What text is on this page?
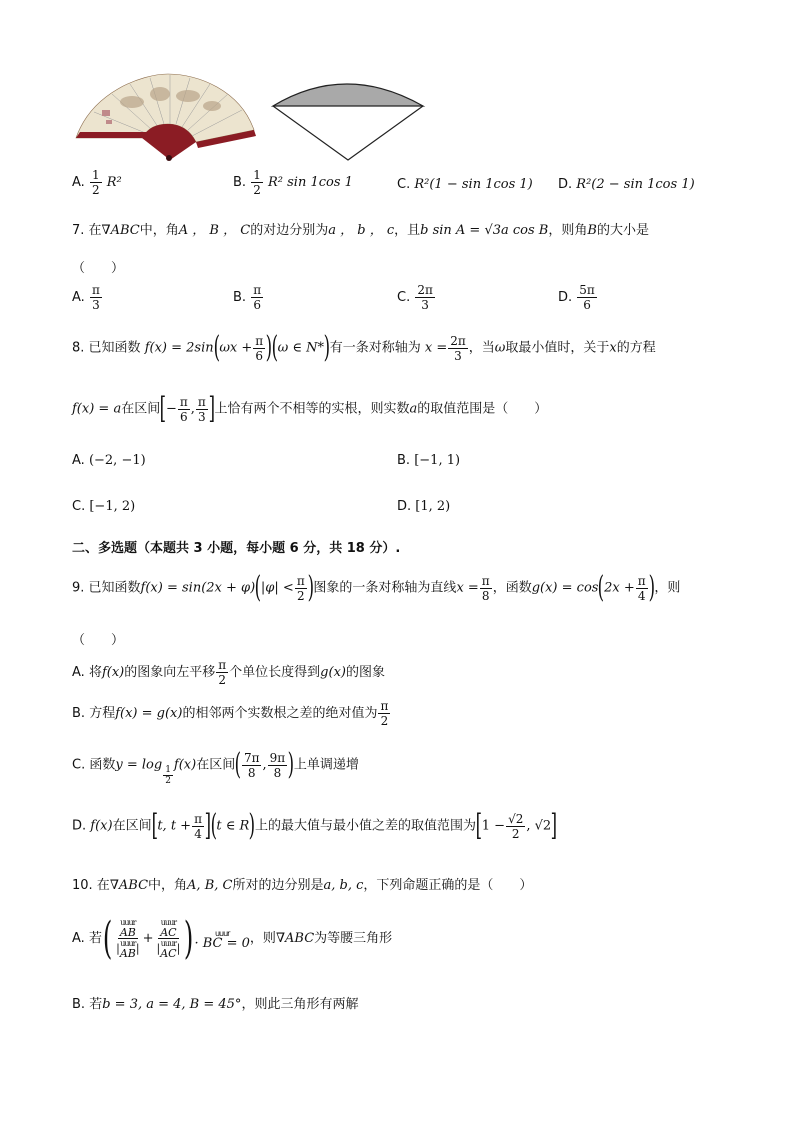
A. $\frac{1}{2} R^2$	B. $\frac{1}{2} R^2$ sin 1cos 1	C. R²(1 − sin 1cos 1) D. R²(2 − sin 1cos 1)
7. 在∇ABC中，角A ， B ， C的对边分别为a ， b ， c，且b sin A = √3a cos B，则角B的大小是
（　　）
A. $\frac{\pi}{3}$	B. $\frac{\pi}{6}$	C. $\frac{2\pi}{3}$	D. $\frac{5\pi}{6}$
8. 已知函数 $f(x) = 2\sin(\omega x + \frac{\pi}{6} )(\omega$ ∈ N*)有一条对称轴为 $x = \frac{2\pi}{3}$ ，当ω取最小值时，关于x的方程
f(x) = a在区间[− $\frac{\pi}{6}$ , $\frac{\pi}{3}$ ]上恰有两个不相等的实根，则实数a的取值范围是（　　）
A. (−2, −1)	B. [−1, 1)
C. [−1, 2)	D. [1, 2)
二、多选题（本题共 3 小题，每小题 6 分，共 18 分）.
9. 已知函数$f(x) = \sin(2x + \varphi)(|\varphi| < \frac{\pi}{2}$ )图象的一条对称轴为直线$x = \frac{\pi}{8}$ ，函数$g(x) = \cos(2x + \frac{\pi}{4}$ )，则
（　　）
A. 将f(x)的图象向左平移 $\frac{\pi}{2}$ 个单位长度得到g(x)的图象
B. 方程f(x) = g(x)的相邻两个实数根之差的绝对值为 $\frac{\pi}{2}$
C. 函数y = log
$\frac{1}{2}$
f(x)在区间( $\frac{7\pi}{8}$ , $\frac{9\pi}{8}$ )上单调递增
D. f(x)在区间[t, $t + \frac{\pi}{4} ](t$ ∈ R)上的最大值与最小值之差的取值范围为[$1 - \frac{√2}{2}$ , √2]
10. 在∇ABC中，角A, B, C所对的边分别是a, b, c，下列命题正确的是（　　）
A. 若( uuur
AB
| uuur
AB | + uuur
AC
| uuur
AC | )	uuur
· BC = 0 ，则∇ABC为等腰三角形
B. 若b = 3, a = 4, B = 45°，则此三角形有两解
